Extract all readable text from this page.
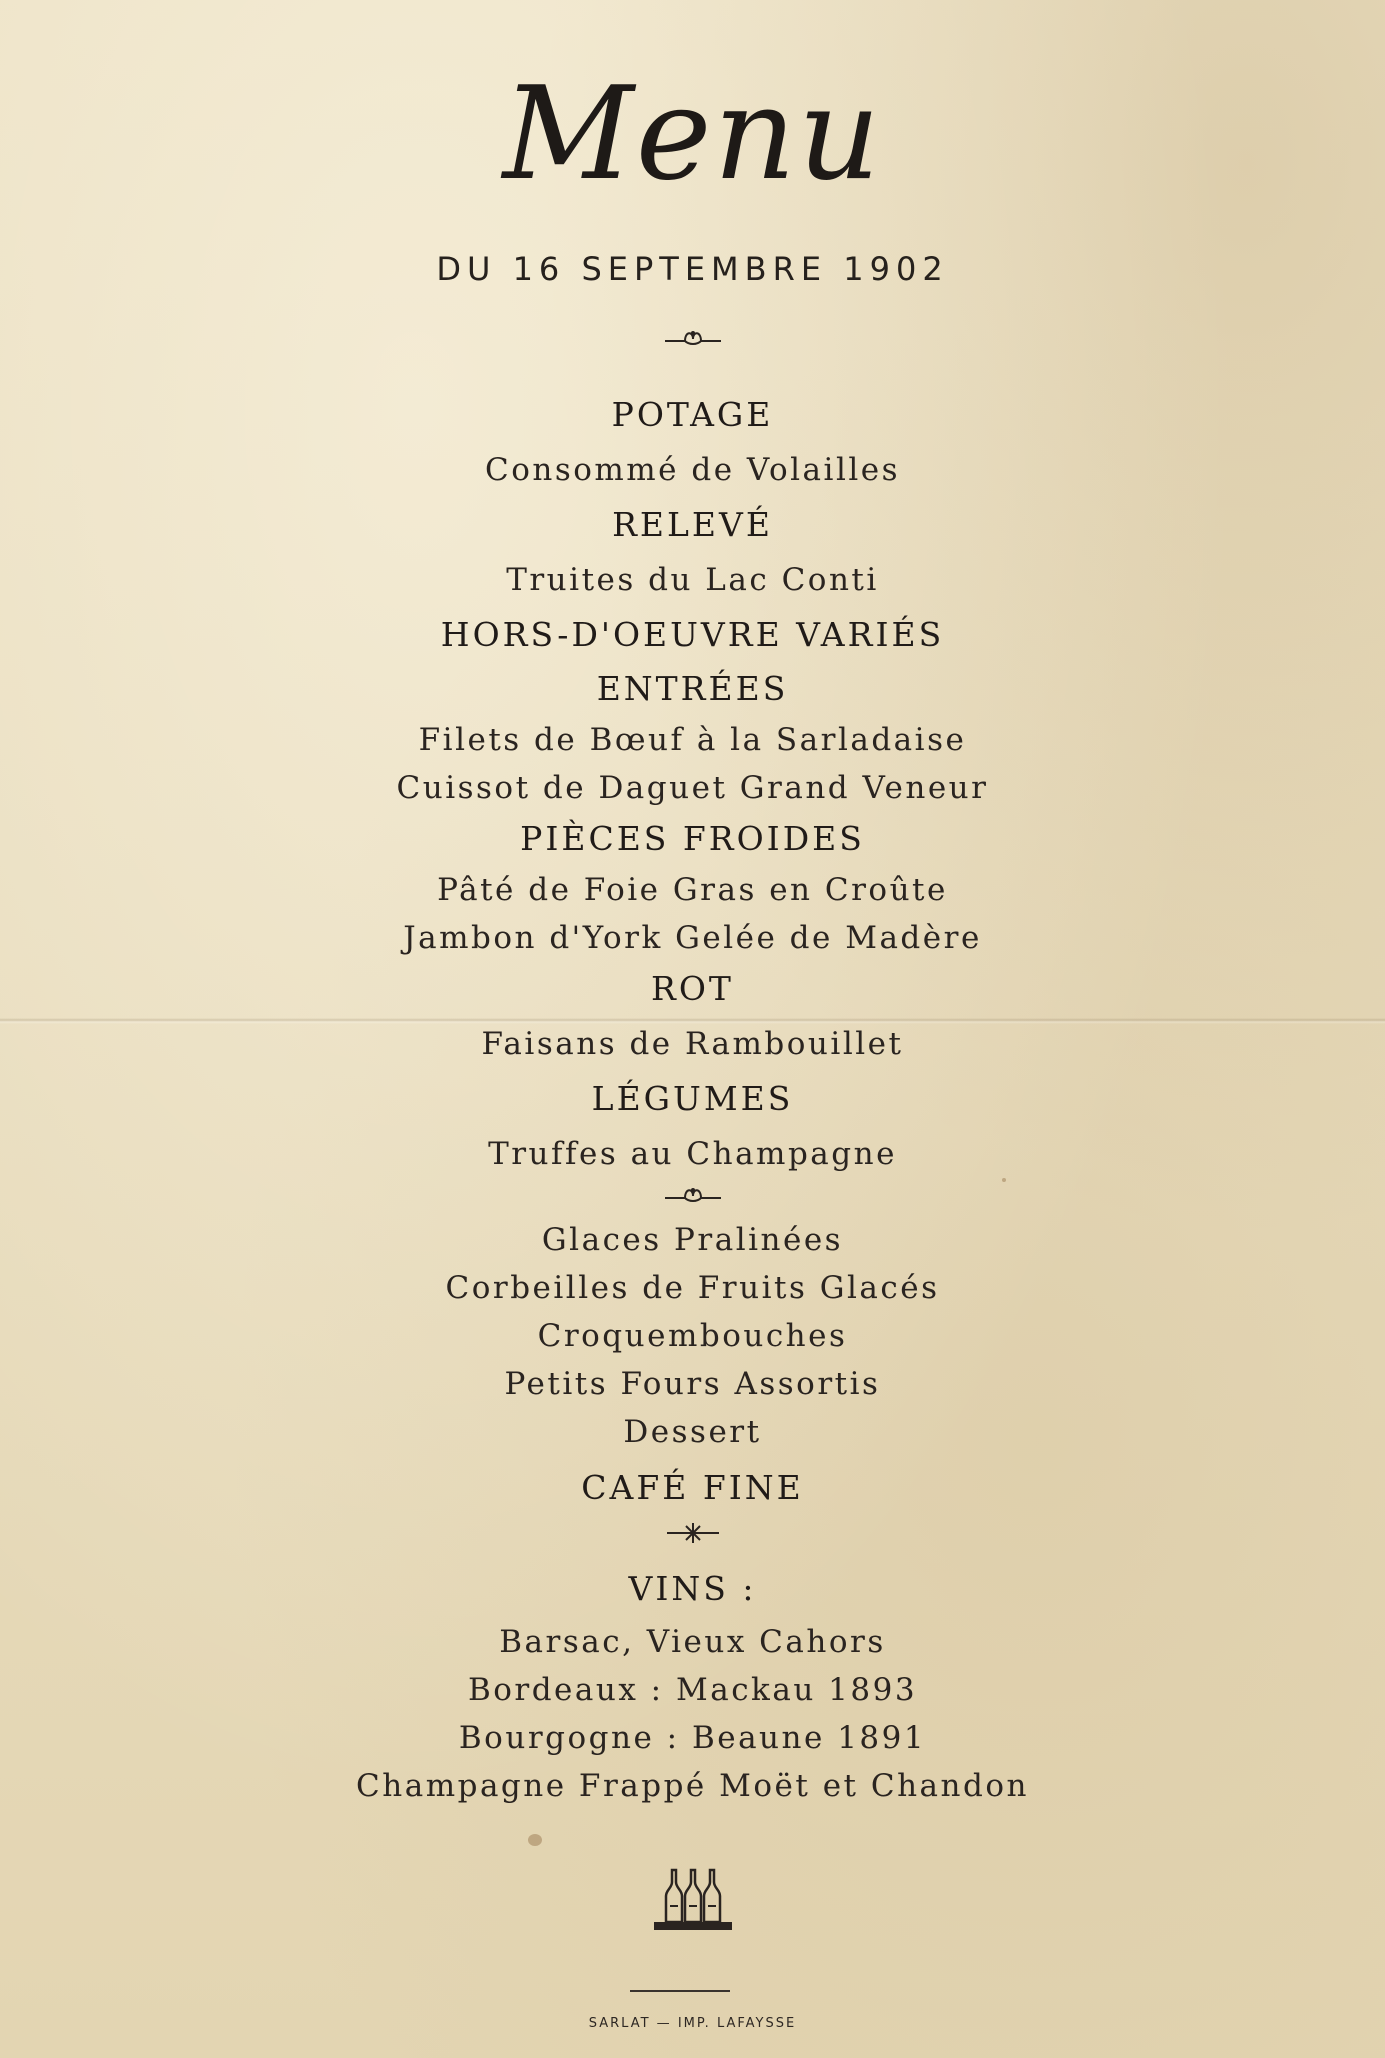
Menu
DU 16 SEPTEMBRE 1902
POTAGE
Consommé de Volailles
RELEVÉ
Truites du Lac Conti
HORS-D'OEUVRE VARIÉS
ENTRÉES
Filets de Bœuf à la Sarladaise
Cuissot de Daguet Grand Veneur
PIÈCES FROIDES
Pâté de Foie Gras en Croûte
Jambon d'York Gelée de Madère
ROT
Faisans de Rambouillet
LÉGUMES
Truffes au Champagne
Glaces Pralinées
Corbeilles de Fruits Glacés
Croquembouches
Petits Fours Assortis
Dessert
CAFÉ FINE
VINS :
Barsac, Vieux Cahors
Bordeaux : Mackau 1893
Bourgogne : Beaune 1891
Champagne Frappé Moët et Chandon
SARLAT — IMP. LAFAYSSE
